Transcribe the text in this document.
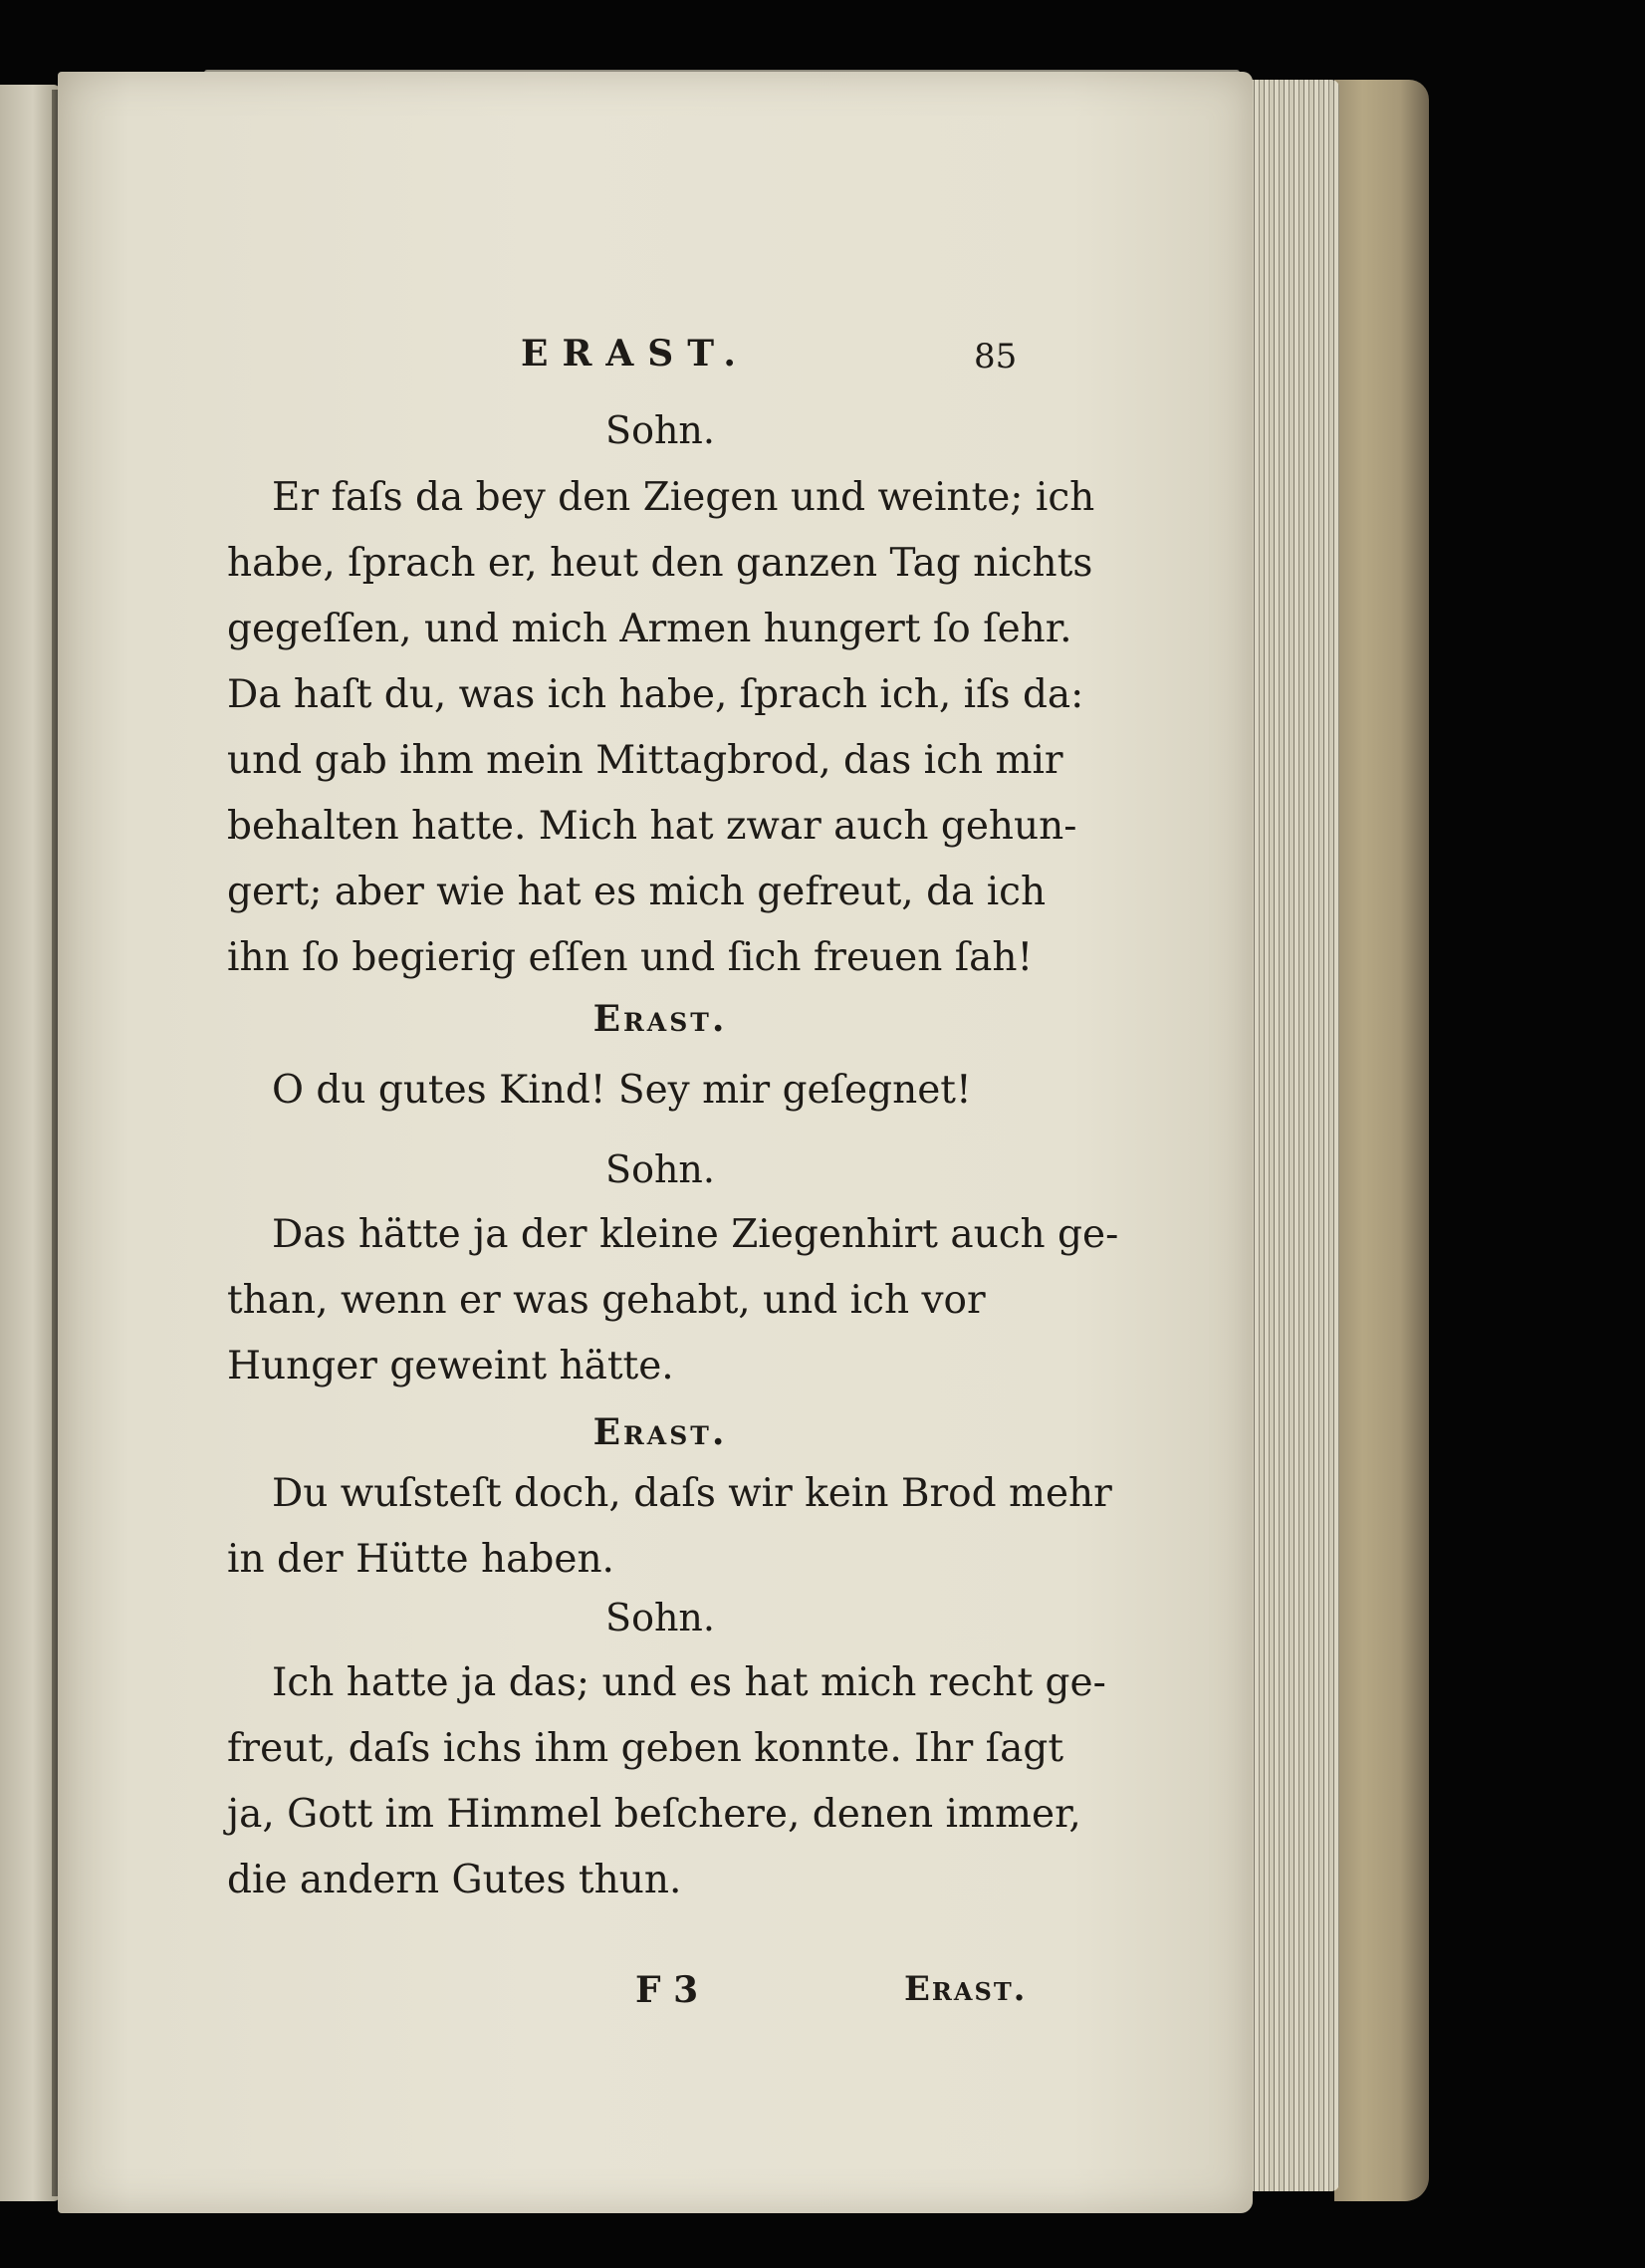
ERAST.	85
Sohn.
Er faſs da bey den Ziegen und weinte; ich
habe, ſprach er, heut den ganzen Tag nichts
gegeſſen, und mich Armen hungert ſo ſehr.
Da haſt du, was ich habe, ſprach ich, iſs da:
und gab ihm mein Mittagbrod, das ich mir
behalten hatte. Mich hat zwar auch gehun-
gert; aber wie hat es mich gefreut, da ich
ihn ſo begierig eſſen und ſich freuen ſah!
Erast.
O du gutes Kind! Sey mir geſegnet!
Sohn.
Das hätte ja der kleine Ziegenhirt auch ge-
than, wenn er was gehabt, und ich vor
Hunger geweint hätte.
Erast.
Du wuſsteſt doch, daſs wir kein Brod mehr
in der Hütte haben.
Sohn.
Ich hatte ja das; und es hat mich recht ge-
freut, daſs ichs ihm geben konnte. Ihr ſagt
ja, Gott im Himmel beſchere, denen immer,
die andern Gutes thun.
F 3	Erast.
